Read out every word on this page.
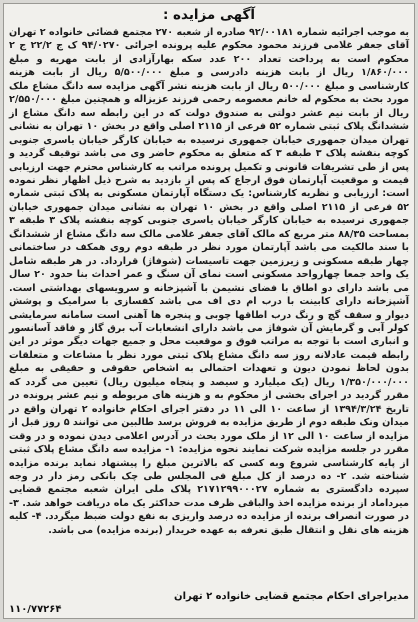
آگهی مزایده :

به موجب اجرائیه شماره ۹۲/۰۰۱۸۱ صادره از شعبه ۲۷۰ مجتمع قضائی خانواده ۲ تهران آقای جعفر غلامی فرزند محمود محکوم علیه پرونده اجرائی ۹۴/۰۲۷۰ ک ج ۲۲/۲ ج ۲ محکوم است به پرداخت تعداد ۲۰۰ عدد سکه بهارآزادی از بابت مهریه و مبلغ ۱/۸۶۰/۰۰۰ ریال از بابت هزینه دادرسی و مبلغ ۵/۵۰۰/۰۰۰ ریال از بابت هزینه کارشناسی و مبلغ ۵۰۰/۰۰۰ ریال از بابت هزینه نشر آگهی مزایده سه دانگ مشاع ملک مورد بحث به محکوم له خانم معصومه رحمی فرزند عزیزاله و همچنین مبلغ ۲/۵۵۰/۰۰۰ ریال از بابت نیم عشر دولتی به صندوق دولت که در این رابطه سه دانگ مشاع از ششدانگ پلاک ثبتی شماره ۵۲ فرعی از ۲۱۱۵ اصلی واقع در بخش ۱۰ تهران به نشانی تهران میدان جمهوری خیابان جمهوری نرسیده به خیابان کارگر خیابان یاسری جنوبی کوچه بنفشه پلاک ۳ طبقه ۳ که متعلق به محکوم حاضر وی می باشد توقیف گردید و پس از طی تشریفات قانونی و تکمیل پرونده مراتب به کارشناس محترم جهت ارزیابی قیمت و موقعیت آپارتمان فوق ارجاع که پس از بازدید به شرح ذیل اظهار نظر نموده است: ارزیابی و نظریه کارشناس: یک دستگاه آپارتمان مسکونی به پلاک ثبتی شماره ۵۲ فرعی از ۲۱۱۵ اصلی واقع در بخش ۱۰ تهران به نشانی میدان جمهوری خیابان جمهوری نرسیده به خیابان کارگر خیابان یاسری جنوبی کوچه بنفشه پلاک ۳ طبقه ۳ بمساحت ۸۸/۳۵ متر مربع که مالک آقای جعفر غلامی مالک سه دانگ مشاع از ششدانگ با سند مالکیت می باشد آپارتمان مورد نظر در طبقه دوم روی همکف در ساختمانی چهار طبقه مسکونی و زیرزمین جهت تاسیسات (شوفاژ) قرارداد. در هر طبقه شامل یک واحد جمعا چهارواحد مسکونی است نمای آن سنگ و عمر احداث بنا حدود ۲۰ سال می باشد دارای دو اطاق با فضای نشیمن با آشپزخانه و سرویسهای بهداشتی است. آشپزخانه دارای کابینت با درب ام دی اف می باشد کفسازی با سرامیک و پوشش دیوار و سقف گچ و رنگ درب اطاقها چوبی و پنجره ها آهنی است سامانه سرمایشی کولر آبی و گرمایش آن شوفاژ می باشد دارای انشعابات آب برق گاز و فاقد آسانسور و انباری است با توجه به مراتب فوق و موقعیت محل و جمیع جهات دیگر موثر در این رابطه قیمت عادلانه روز سه دانگ مشاع پلاک ثبتی مورد نظر با مشاعات و متعلقات بدون لحاظ نمودن دیون و تعهدات احتمالی به اشخاص حقوقی و حقیقی به مبلغ ۱/۳۵۰/۰۰۰/۰۰۰ ریال (یک میلیارد و سیصد و پنجاه میلیون ریال) تعیین می گردد که مقرر گردید در اجرای بخشی از محکوم به و هزینه های مربوطه و نیم عشر پرونده در تاریخ ۱۳۹۴/۳/۲۴ از ساعت ۱۰ الی ۱۱ در دفتر اجرای احکام خانواده ۲ تهران واقع در میدان ونک طبقه دوم از طریق مزایده به فروش برسد طالبین می توانند ۵ روز قبل از مزایده از ساعت ۱۰ الی ۱۲ از ملک مورد بحث در آدرس اعلامی دیدن نموده و در وقت مقرر در جلسه مزایده شرکت نمایند نحوه مزایده: ۱- مزایده سه دانگ مشاع پلاک ثبتی از پایه کارشناسی شروع وبه کسی که بالاترین مبلغ را پیشنهاد نماید برنده مزایده شناخته شد. ۲- ده درصد از کل مبلغ فی المجلس طی چک بانکی رمز دار در وجه سپرده دادگستری به شماره ۲۱۷۱۲۹۹۰۰۰۲۷ پلاک ملی ایران شعبه مجتمع قضایی میرداماد از برنده مزایده اخذ والباقی ظرف مدت حداکثر یک ماه دریافت خواهد شد. ۳- در صورت انصراف برنده از مزایده ده درصد واریزی به نفع دولت ضبط میگردد. ۴- کلیه هزینه های نقل و انتقال طبق تعرفه به عهده خریدار (برنده مزایده) می باشد.

مدیراجرای احکام مجتمع قضایی خانواده ۲ تهران
۱۱۰/۷۷۲۶۴
